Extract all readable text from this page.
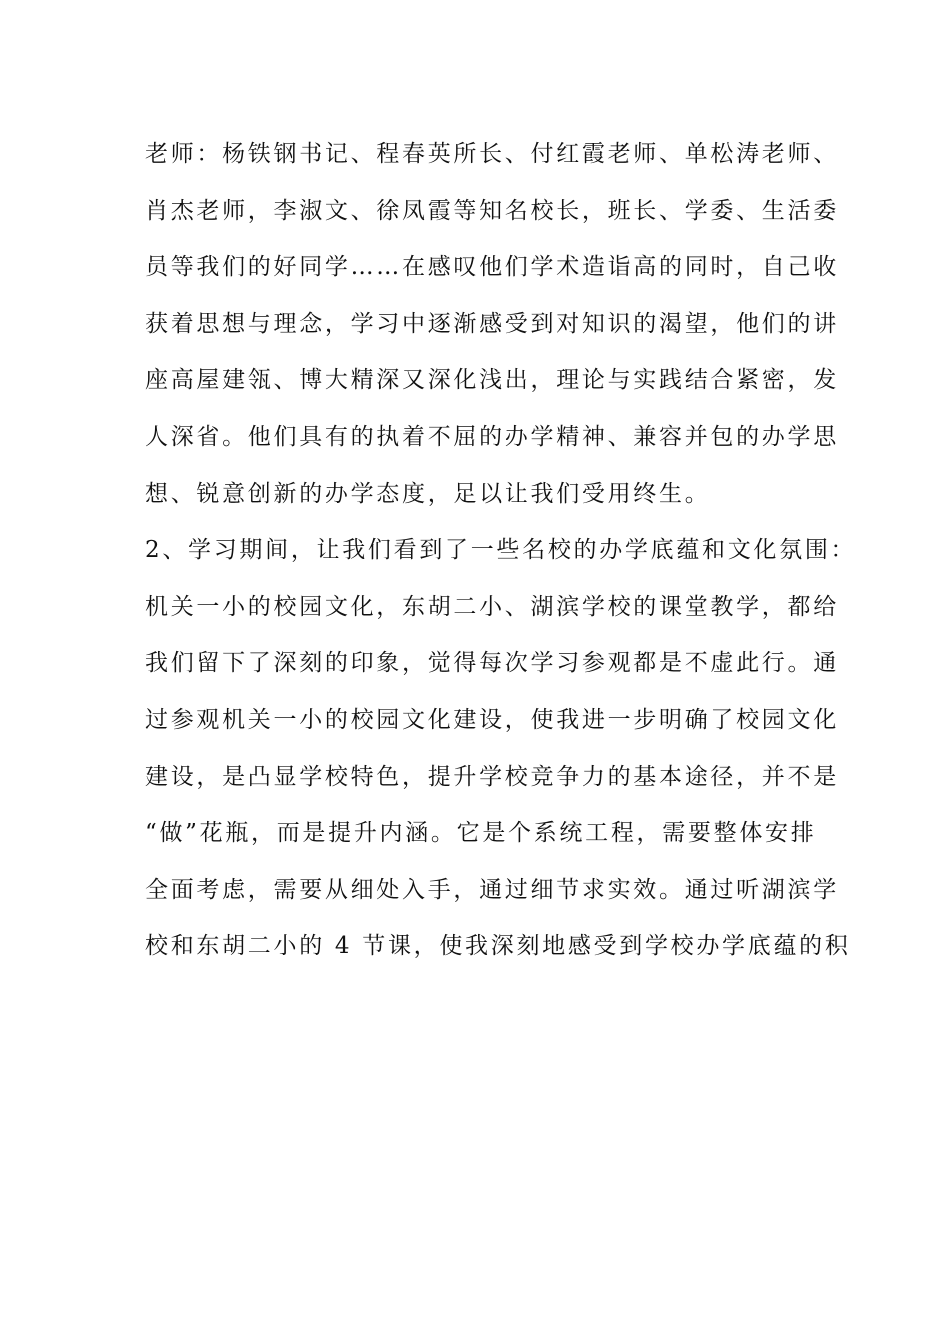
老师：杨铁钢书记、程春英所长、付红霞老师、单松涛老师、
肖杰老师，李淑文、徐凤霞等知名校长，班长、学委、生活委
员等我们的好同学……在感叹他们学术造诣高的同时，自己收
获着思想与理念，学习中逐渐感受到对知识的渴望，他们的讲
座高屋建瓴、博大精深又深化浅出，理论与实践结合紧密，发
人深省。他们具有的执着不屈的办学精神、兼容并包的办学思
想、锐意创新的办学态度，足以让我们受用终生。
2、学习期间，让我们看到了一些名校的办学底蕴和文化氛围：
机关一小的校园文化，东胡二小、湖滨学校的课堂教学，都给
我们留下了深刻的印象，觉得每次学习参观都是不虚此行。通
过参观机关一小的校园文化建设，使我进一步明确了校园文化
建设，是凸显学校特色，提升学校竞争力的基本途径，并不是
“做”花瓶，而是提升内涵。它是个系统工程，需要整体安排
全面考虑，需要从细处入手，通过细节求实效。通过听湖滨学
校和东胡二小的 4 节课，使我深刻地感受到学校办学底蕴的积
